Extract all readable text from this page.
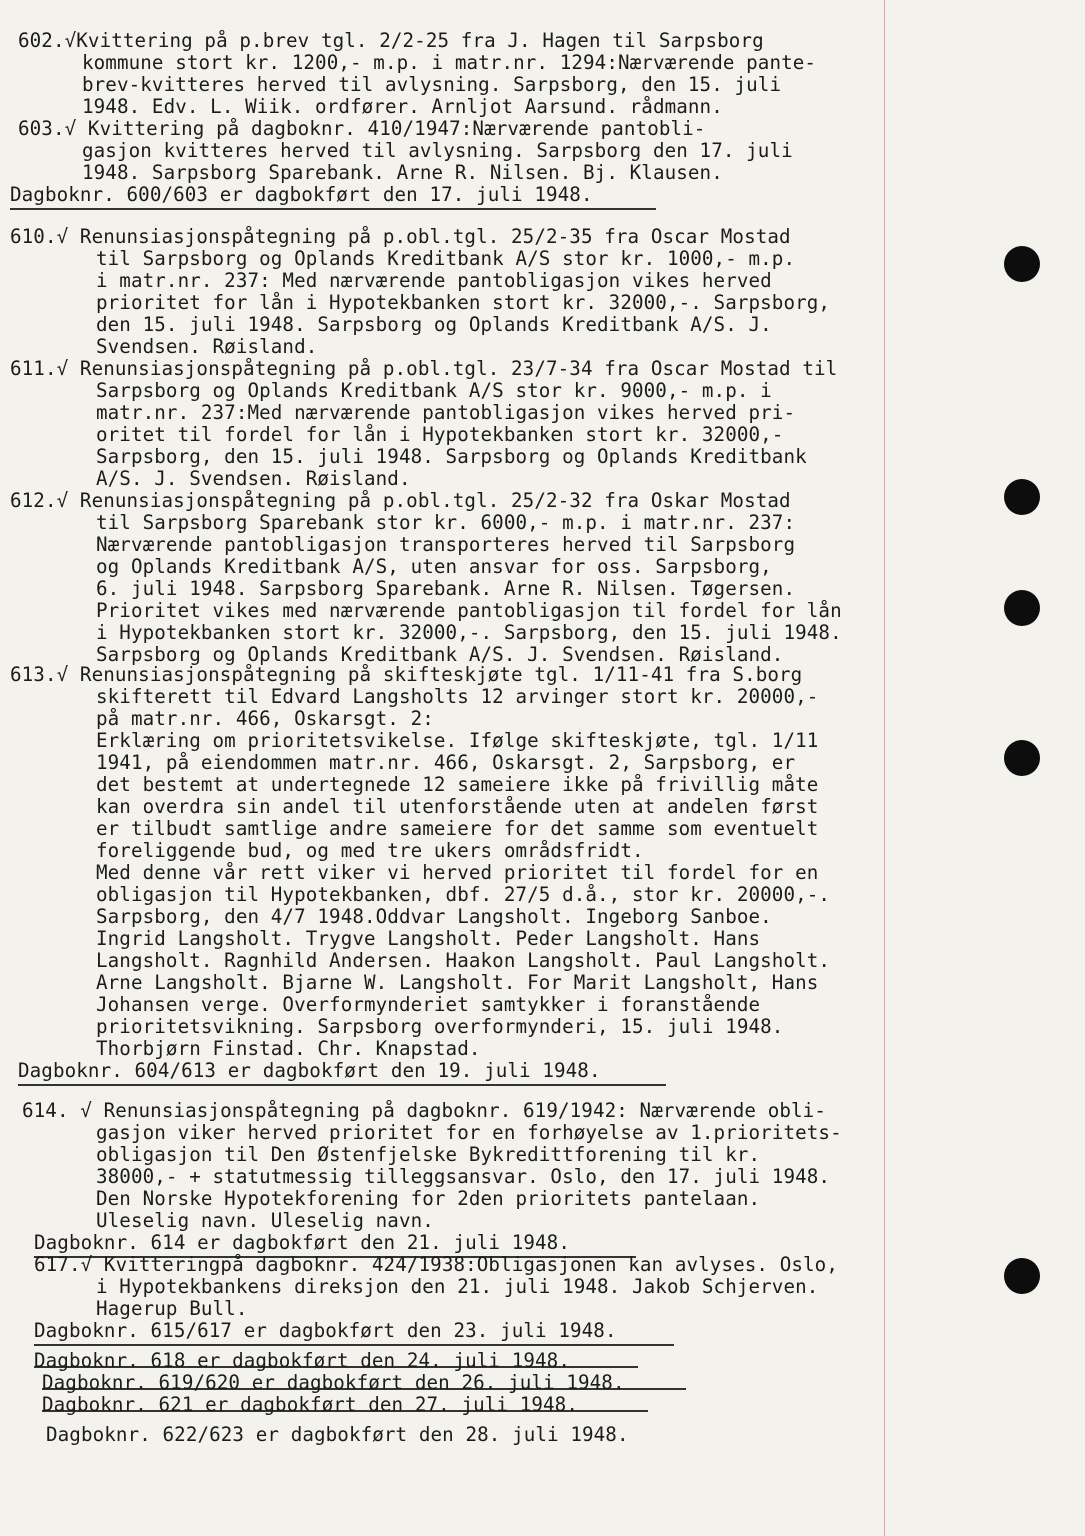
602.√Kvittering på p.brev tgl. 2/2-25 fra J. Hagen til Sarpsborg
kommune stort kr. 1200,- m.p. i matr.nr. 1294:Nærværende pante-
brev-kvitteres herved til avlysning. Sarpsborg, den 15. juli
1948. Edv. L. Wiik. ordfører. Arnljot Aarsund. rådmann.
603.√ Kvittering på dagboknr. 410/1947:Nærværende pantobli-
gasjon kvitteres herved til avlysning. Sarpsborg den 17. juli
1948. Sarpsborg Sparebank. Arne R. Nilsen. Bj. Klausen.
Dagboknr. 600/603 er dagbokført den 17. juli 1948.
610.√ Renunsiasjonspåtegning på p.obl.tgl. 25/2-35 fra Oscar Mostad
til Sarpsborg og Oplands Kreditbank A/S stor kr. 1000,- m.p.
i matr.nr. 237: Med nærværende pantobligasjon vikes herved
prioritet for lån i Hypotekbanken stort kr. 32000,-. Sarpsborg,
den 15. juli 1948. Sarpsborg og Oplands Kreditbank A/S. J.
Svendsen. Røisland.
611.√ Renunsiasjonspåtegning på p.obl.tgl. 23/7-34 fra Oscar Mostad til
Sarpsborg og Oplands Kreditbank A/S stor kr. 9000,- m.p. i
matr.nr. 237:Med nærværende pantobligasjon vikes herved pri-
oritet til fordel for lån i Hypotekbanken stort kr. 32000,-
Sarpsborg, den 15. juli 1948. Sarpsborg og Oplands Kreditbank
A/S. J. Svendsen. Røisland.
612.√ Renunsiasjonspåtegning på p.obl.tgl. 25/2-32 fra Oskar Mostad
til Sarpsborg Sparebank stor kr. 6000,- m.p. i matr.nr. 237:
Nærværende pantobligasjon transporteres herved til Sarpsborg
og Oplands Kreditbank A/S, uten ansvar for oss. Sarpsborg,
6. juli 1948. Sarpsborg Sparebank. Arne R. Nilsen. Tøgersen.
Prioritet vikes med nærværende pantobligasjon til fordel for lån
i Hypotekbanken stort kr. 32000,-. Sarpsborg, den 15. juli 1948.
Sarpsborg og Oplands Kreditbank A/S. J. Svendsen. Røisland.
613.√ Renunsiasjonspåtegning på skifteskjøte tgl. 1/11-41 fra S.borg
skifterett til Edvard Langsholts 12 arvinger stort kr. 20000,-
på matr.nr. 466, Oskarsgt. 2:
Erklæring om prioritetsvikelse. Ifølge skifteskjøte, tgl. 1/11
1941, på eiendommen matr.nr. 466, Oskarsgt. 2, Sarpsborg, er
det bestemt at undertegnede 12 sameiere ikke på frivillig måte
kan overdra sin andel til utenforstående uten at andelen først
er tilbudt samtlige andre sameiere for det samme som eventuelt
foreliggende bud, og med tre ukers områdsfridt.
Med denne vår rett viker vi herved prioritet til fordel for en
obligasjon til Hypotekbanken, dbf. 27/5 d.å., stor kr. 20000,-.
Sarpsborg, den 4/7 1948.Oddvar Langsholt. Ingeborg Sanboe.
Ingrid Langsholt. Trygve Langsholt. Peder Langsholt. Hans
Langsholt. Ragnhild Andersen. Haakon Langsholt. Paul Langsholt.
Arne Langsholt. Bjarne W. Langsholt. For Marit Langsholt, Hans
Johansen verge. Overformynderiet samtykker i foranstående
prioritetsvikning. Sarpsborg overformynderi, 15. juli 1948.
Thorbjørn Finstad. Chr. Knapstad.
Dagboknr. 604/613 er dagbokført den 19. juli 1948.
614. √ Renunsiasjonspåtegning på dagboknr. 619/1942: Nærværende obli-
gasjon viker herved prioritet for en forhøyelse av 1.prioritets-
obligasjon til Den Østenfjelske Bykredittforening til kr.
38000,- + statutmessig tilleggsansvar. Oslo, den 17. juli 1948.
Den Norske Hypotekforening for 2den prioritets pantelaan.
Uleselig navn. Uleselig navn.
Dagboknr. 614 er dagbokført den 21. juli 1948.
617.√ Kvitteringpå dagboknr. 424/1938:Obligasjonen kan avlyses. Oslo,
i Hypotekbankens direksjon den 21. juli 1948. Jakob Schjerven.
Hagerup Bull.
Dagboknr. 615/617 er dagbokført den 23. juli 1948.
Dagboknr. 618 er dagbokført den 24. juli 1948.
Dagboknr. 619/620 er dagbokført den 26. juli 1948.
Dagboknr. 621 er dagbokført den 27. juli 1948.
Dagboknr. 622/623 er dagbokført den 28. juli 1948.
